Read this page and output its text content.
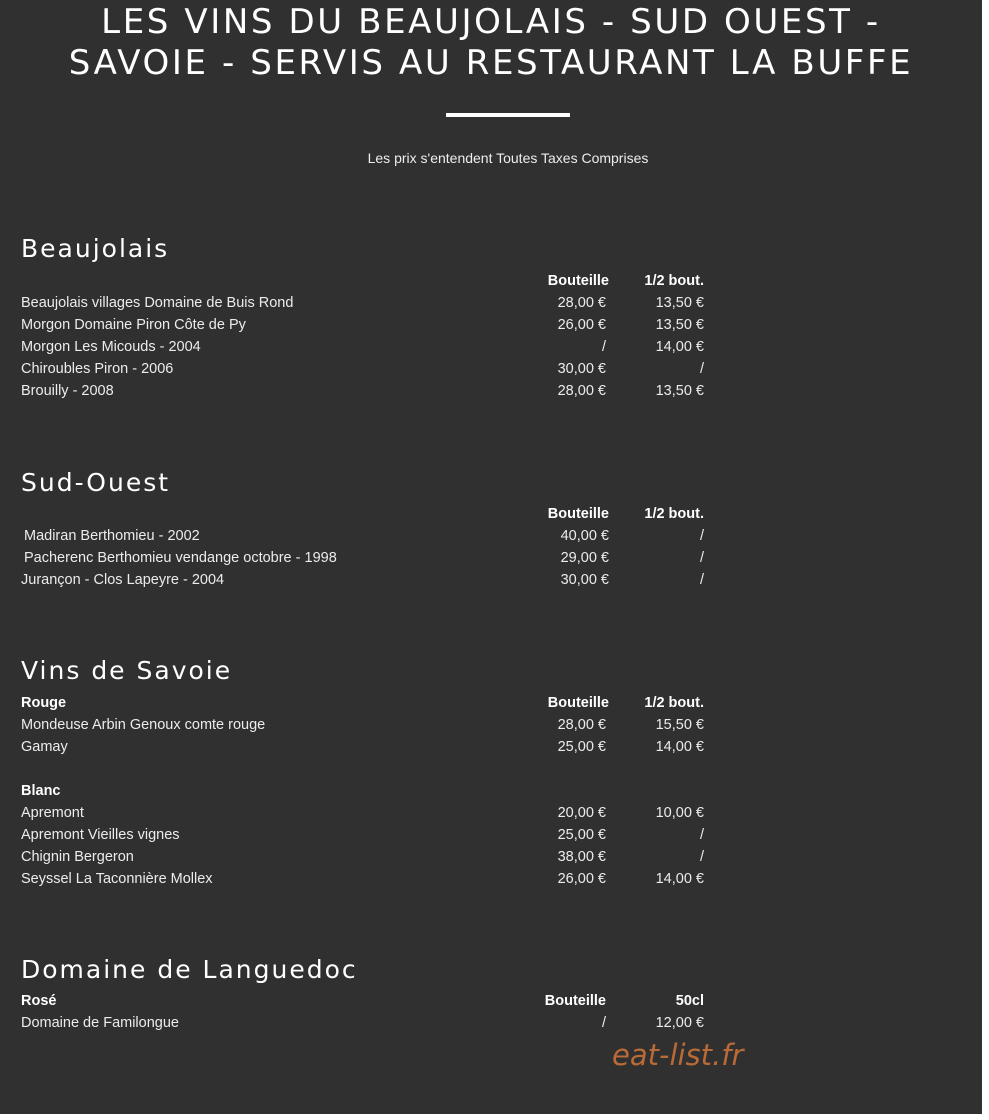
LES VINS DU BEAUJOLAIS - SUD OUEST -
SAVOIE - SERVIS AU RESTAURANT LA BUFFE
Les prix s'entendent Toutes Taxes Comprises
Beaujolais
Bouteille 1/2 bout.
Beaujolais villages Domaine de Buis Rond	28,00 €	13,50 €
Morgon Domaine Piron Côte de Py	26,00 €	13,50 €
Morgon Les Micouds - 2004	/	14,00 €
Chiroubles Piron - 2006	30,00 €	/
Brouilly - 2008	28,00 €	13,50 €
Sud-Ouest
Bouteille 1/2 bout.
Madiran Berthomieu - 2002	40,00 €	/
Pacherenc Berthomieu vendange octobre - 1998	29,00 €	/
Jurançon - Clos Lapeyre - 2004	30,00 €	/
Vins de Savoie
Rouge	Bouteille 1/2 bout.
Mondeuse Arbin Genoux comte rouge	28,00 €	15,50 €
Gamay	25,00 €	14,00 €
Blanc
Apremont	20,00 €	10,00 €
Apremont Vieilles vignes	25,00 €	/
Chignin Bergeron	38,00 €	/
Seyssel La Taconnière Mollex	26,00 €	14,00 €
Domaine de Languedoc
Rosé	Bouteille	50cl
Domaine de Familongue	/	12,00 €
eat-list.fr
